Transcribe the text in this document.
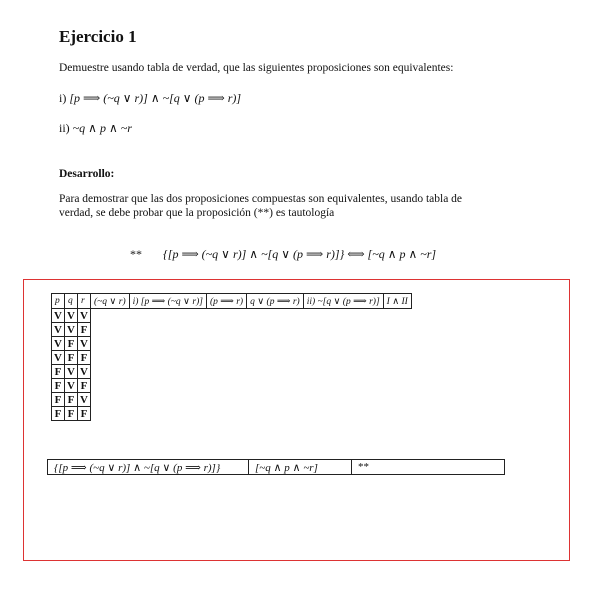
Ejercicio 1
Demuestre usando tabla de verdad, que las siguientes proposiciones son equivalentes:
i) [p ⟹ (~q ∨ r)] ∧ ~[q ∨ (p ⟹ r)]
ii) ~q ∧ p ∧ ~r
Desarrollo:
Para demostrar que las dos proposiciones compuestas son equivalentes, usando tabla de
verdad, se debe probar que la proposición (**) es tautología
** {[p ⟹ (~q ∨ r)] ∧ ~[q ∨ (p ⟹ r)]} ⟺ [~q ∧ p ∧ ~r]
p	q	r	(~q ∨ r)	i) [p ⟹ (~q ∨ r)]	(p ⟹ r)	q ∨ (p ⟹ r)	ii) ~[q ∨ (p ⟹ r)]	I ∧ II
V	V	V						
V	V	F						
V	F	V						
V	F	F						
F	V	V						
F	V	F						
F	F	V						
F	F	F						
{[p ⟹ (~q ∨ r)] ∧ ~[q ∨ (p ⟹ r)]}	[~q ∧ p ∧ ~r]	**
